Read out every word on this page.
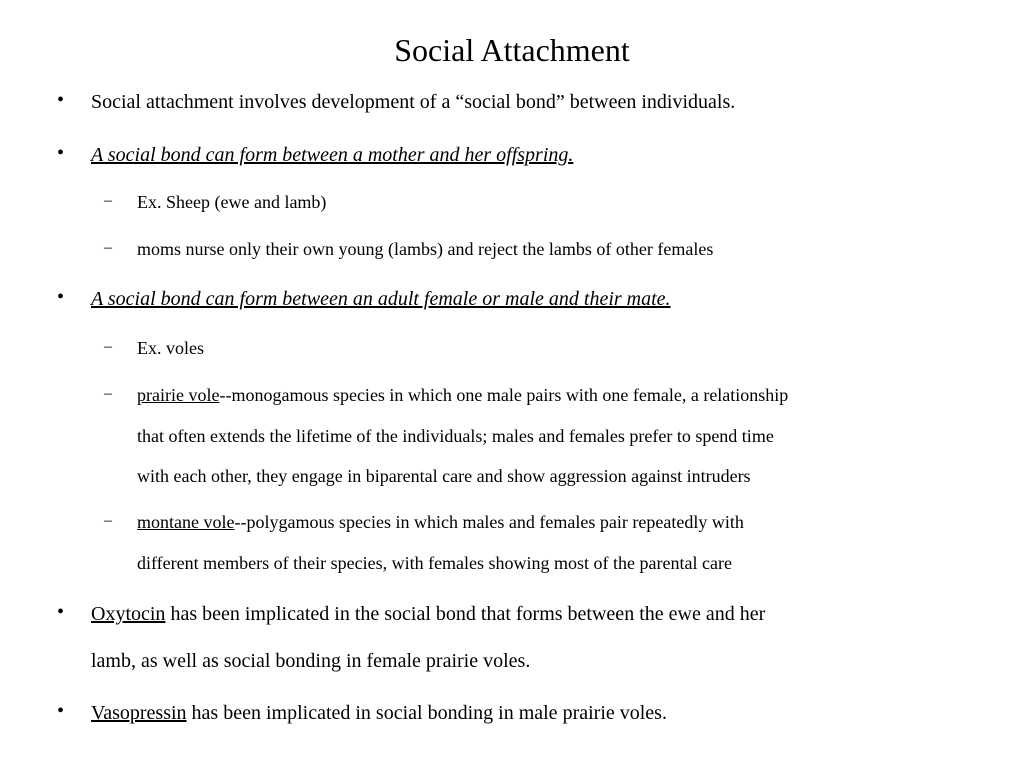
Social Attachment
• Social attachment involves development of a “social bond” between individuals.
• A social bond can form between a mother and her offspring.
– Ex. Sheep (ewe and lamb)
– moms nurse only their own young (lambs) and reject the lambs of other females
• A social bond can form between an adult female or male and their mate.
– Ex. voles
– prairie vole--monogamous species in which one male pairs with one female, a relationship
that often extends the lifetime of the individuals; males and females prefer to spend time
with each other, they engage in biparental care and show aggression against intruders
– montane vole--polygamous species in which males and females pair repeatedly with
different members of their species, with females showing most of the parental care
• Oxytocin has been implicated in the social bond that forms between the ewe and her
lamb, as well as social bonding in female prairie voles.
• Vasopressin has been implicated in social bonding in male prairie voles.
